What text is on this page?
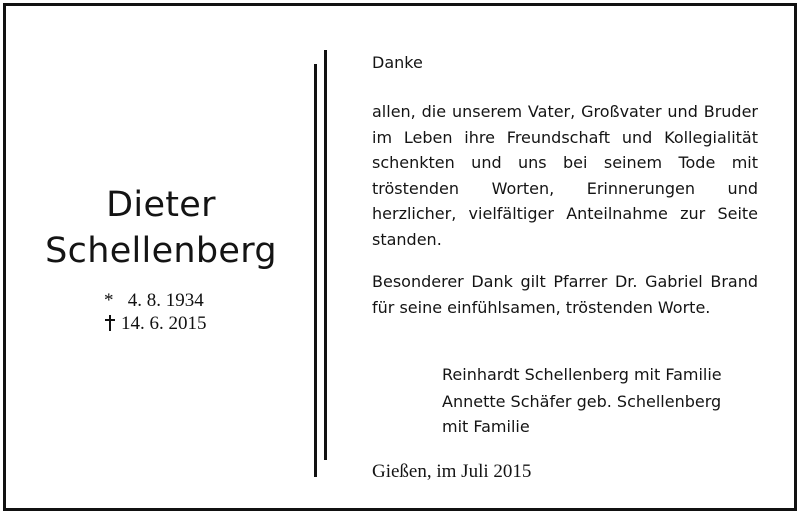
Dieter
Schellenberg
* 4. 8. 1934
14. 6. 2015
Danke

allen, die unserem Vater, Großvater und Bruder im Leben ihre Freundschaft und Kollegialität schenkten und uns bei seinem Tode mit tröstenden Worten, Erinnerungen und herzlicher, vielfältiger Anteilnahme zur Seite standen.

Besonderer Dank gilt Pfarrer Dr. Gabriel Brand für seine einfühlsamen, tröstenden Worte.

Reinhardt Schellenberg mit Familie
Annette Schäfer geb. Schellenberg
mit Familie
Gießen, im Juli 2015
